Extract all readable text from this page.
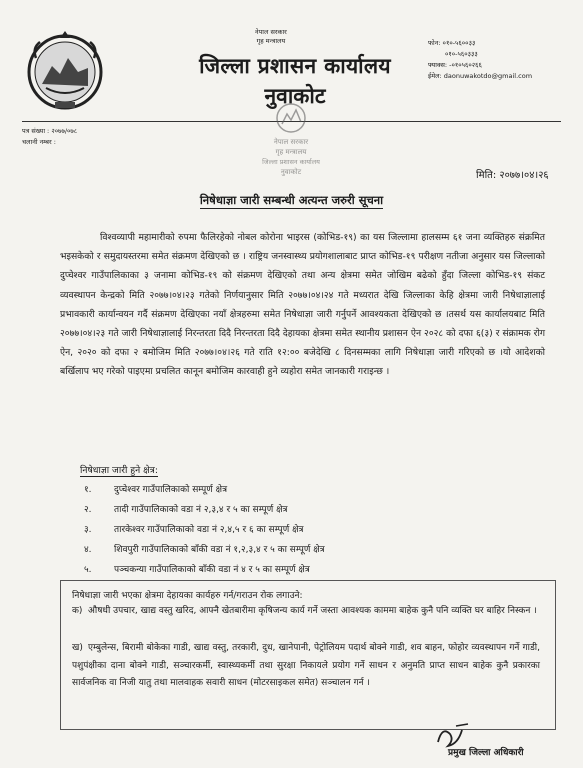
नेपाल सरकार
गृह मन्त्रालय
जिल्ला प्रशासन कार्यालय
नुवाकोट
फोन: ०१०-५६००३३
०१०-५६०३३३
फ्याक्स: -०१०५६०२६६
ईमेल: daonuwakotdo@gmail.com
पत्र संख्या : २०७७/०७८
चलानी नम्बर :	नेपाल सरकार
गृह मन्त्रालय
जिल्ला प्रशासन कार्यालय
नुवाकोट	मिति: २०७७।०४।२६
निषेधाज्ञा जारी सम्बन्धी अत्यन्त जरुरी सूचना

विश्वव्यापी महामारीको रुपमा फैलिरहेको नोबल कोरोना भाइरस (कोभिड-१९) का यस जिल्लामा हालसम्म ६१ जना व्यक्तिहरु संक्रमित भइसकेको र समुदायस्तरमा समेत संक्रमण देखिएको छ । राष्ट्रिय जनस्वास्थ्य प्रयोगशालाबाट प्राप्त कोभिड-१९ परीक्षण नतीजा अनुसार यस जिल्लाको दुप्चेश्वर गाउँपालिकाका ३ जनामा कोभिड-१९ को संक्रमण देखिएको तथा अन्य क्षेत्रमा समेत जोखिम बढेको हुँदा जिल्ला कोभिड-१९ संकट व्यवस्थापन केन्द्रको मिति २०७७।०४।२३ गतेको निर्णयानुसार मिति २०७७।०४।२४ गते मध्यरात देखि जिल्लाका केहि क्षेत्रमा जारी निषेधाज्ञालाई प्रभावकारी कार्यान्वयन गर्दै संक्रमण देखिएका नयाँ क्षेत्रहरुमा समेत निषेधाज्ञा जारी गर्नुपर्ने आवश्यकता देखिएको छ ।तसर्थ यस कार्यालयबाट मिति २०७७।०४।२३ गते जारी निषेधाज्ञालाई निरन्तरता दिदै निरन्तरता दिदै देहायका क्षेत्रमा समेत स्थानीय प्रशासन ऐन २०२८ को दफा ६(३) र संक्रामक रोग ऐन, २०२० को दफा २ बमोजिम मिति २०७७।०४।२६ गते राति १२:०० बजेदेखि ८ दिनसम्मका लागि निषेधाज्ञा जारी गरिएको छ ।यो आदेशको बर्खिलाप भए गरेको पाइएमा प्रचलित कानून बमोजिम कारवाही हुने व्यहोरा समेत जानकारी गराइन्छ ।

निषेधाज्ञा जारी हुने क्षेत्र:
१.	दुप्चेश्वर गाउँपालिकाको सम्पूर्ण क्षेत्र
२.	तादी गाउँपालिकाको वडा नं २,३,४ र ५ का सम्पूर्ण क्षेत्र
३.	तारकेश्वर गाउँपालिकाको वडा नं २,४,५ र ६ का सम्पूर्ण क्षेत्र
४.	शिवपुरी गाउँपालिकाको बाँकी वडा नं १,२,३,४ र ५ का सम्पूर्ण क्षेत्र
५.	पञ्चकन्या गाउँपालिकाको बाँकी वडा नं ४ र ५ का सम्पूर्ण क्षेत्र
निषेधाज्ञा जारी भएका क्षेत्रमा देहायका कार्यहरु गर्न/गराउन रोक लगाउने:
क) औषधी उपचार, खाद्य वस्तु खरिद, आफ्नै खेतबारीमा कृषिजन्य कार्य गर्ने जस्ता आवश्यक काममा बाहेक कुनै पनि व्यक्ति घर बाहिर निस्कन ।
ख) एम्बुलेन्स, बिरामी बोकेका गाडी, खाद्य वस्तु, तरकारी, दुध, खानेपानी, पेट्रोलियम पदार्थ बोक्ने गाडी, शव बाहन, फोहोर व्यवस्थापन गर्ने गाडी, पशुपंक्षीका दाना बोक्ने गाडी, सञ्चारकर्मी, स्वास्थ्यकर्मी तथा सुरक्षा निकायले प्रयोग गर्ने साधन र अनुमति प्राप्त साधन बाहेक कुनै प्रकारका सार्वजनिक वा निजी यातु तथा मालवाहक सवारी साधन (मोटरसाइकल समेत) सञ्चालन गर्न ।
प्रमुख जिल्ला अधिकारी
